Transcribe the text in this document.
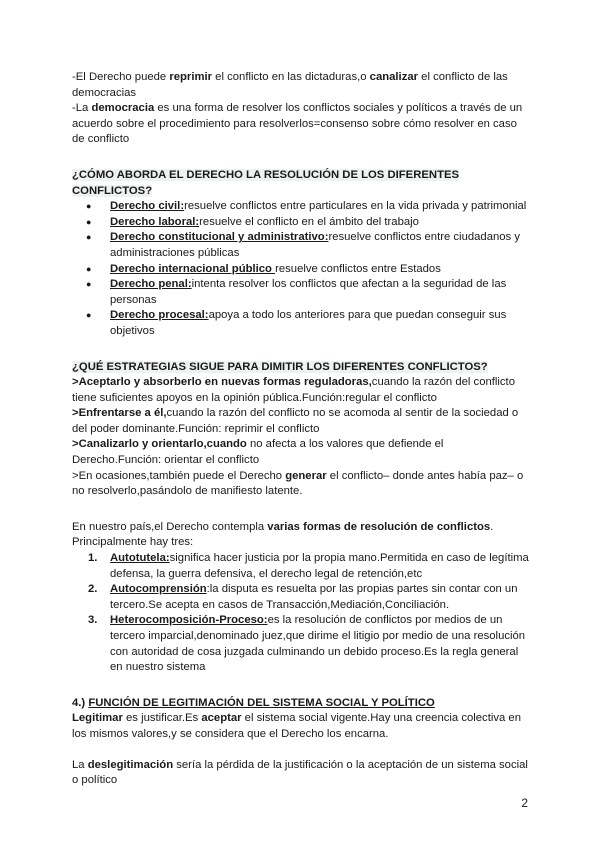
-El Derecho puede reprimir el conflicto en las dictaduras,o canalizar el conflicto de las democracias

-La democracia es una forma de resolver los conflictos sociales y políticos a través de un acuerdo sobre el procedimiento para resolverlos=consenso sobre cómo resolver en caso de conflicto

¿CÓMO ABORDA EL DERECHO LA RESOLUCIÓN DE LOS DIFERENTES CONFLICTOS?

● Derecho civil:resuelve conflictos entre particulares en la vida privada y patrimonial
● Derecho laboral:resuelve el conflicto en el ámbito del trabajo
● Derecho constitucional y administrativo:resuelve conflictos entre ciudadanos y administraciones públicas
● Derecho internacional público resuelve conflictos entre Estados
● Derecho penal:intenta resolver los conflictos que afectan a la seguridad de las personas
● Derecho procesal:apoya a todo los anteriores para que puedan conseguir sus objetivos

¿QUÉ ESTRATEGIAS SIGUE PARA DIMITIR LOS DIFERENTES CONFLICTOS?

>Aceptarlo y absorberlo en nuevas formas reguladoras,cuando la razón del conflicto tiene suficientes apoyos en la opinión pública.Función:regular el conflicto

>Enfrentarse a él,cuando la razón del conflicto no se acomoda al sentir de la sociedad o del poder dominante.Función: reprimir el conflicto

>Canalizarlo y orientarlo,cuando no afecta a los valores que defiende el Derecho.Función: orientar el conflicto

>En ocasiones,también puede el Derecho generar el conflicto– donde antes había paz– o no resolverlo,pasándolo de manifiesto latente.

En nuestro país,el Derecho contempla varias formas de resolución de conflictos. Principalmente hay tres:

1. Autotutela:significa hacer justicia por la propia mano.Permitida en caso de legítima defensa, la guerra defensiva, el derecho legal de retención,etc
2. Autocomprensión:la disputa es resuelta por las propias partes sin contar con un tercero.Se acepta en casos de Transacción,Mediación,Conciliación.
3. Heterocomposición-Proceso:es la resolución de conflictos por medios de un tercero imparcial,denominado juez,que dirime el litigio por medio de una resolución con autoridad de cosa juzgada culminando un debido proceso.Es la regla general en nuestro sistema

4.) FUNCIÓN DE LEGITIMACIÓN DEL SISTEMA SOCIAL Y POLÍTICO

Legitimar es justificar.Es aceptar el sistema social vigente.Hay una creencia colectiva en los mismos valores,y se considera que el Derecho los encarna.

La deslegitimación sería la pérdida de la justificación o la aceptación de un sistema social o político

2
